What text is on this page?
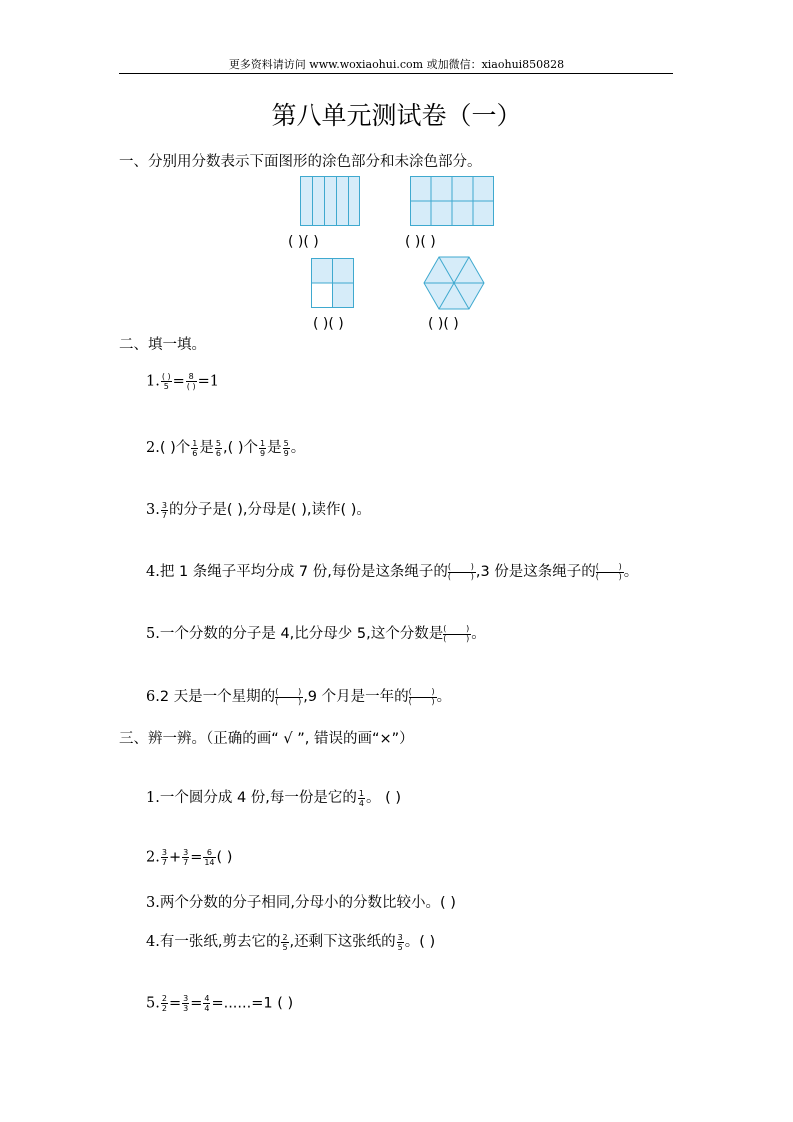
更多资料请访问 www.woxiaohui.com 或加微信：xiaohui850828
第八单元测试卷（一）
一、分别用分数表示下面图形的涂色部分和未涂色部分。
( )( )	( )( )
( )( )	( )( )
二、填一填。
1. $\frac{( )}{5} = \frac{8}{( )} =1$
2.( )个 $\frac{1}{6}$ 是 $\frac{5}{6}$ ,( )个 $\frac{1}{9}$ 是 $\frac{5}{9}$ 。
3. $\frac{3}{7}$ 的分子是( ),分母是( ),读作( )。
4.把 1 条绳子平均分成 7 份,每份是这条绳子的 ( )
( ) ,3 份是这条绳子的 ( )
( ) 。
5.一个分数的分子是 4,比分母少 5,这个分数是 ( )
( ) 。
6.2 天是一个星期的 ( )
( ) ,9 个月是一年的 ( )
( ) 。
三、辨一辨。（正确的画“ √ ”, 错误的画“×”）
1.一个圆分成 4 份,每一份是它的 $\frac{1}{4}$ 。 ( )
2. $\frac{3}{7} + \frac{3}{7} = \frac{6}{14}$ ( )
3.两个分数的分子相同,分母小的分数比较小。( )
4.有一张纸,剪去它的 $\frac{2}{5}$ ,还剩下这张纸的 $\frac{3}{5}$ 。( )
5. $\frac{2}{2} = \frac{3}{3} = \frac{4}{4} =......=1$ ( )
